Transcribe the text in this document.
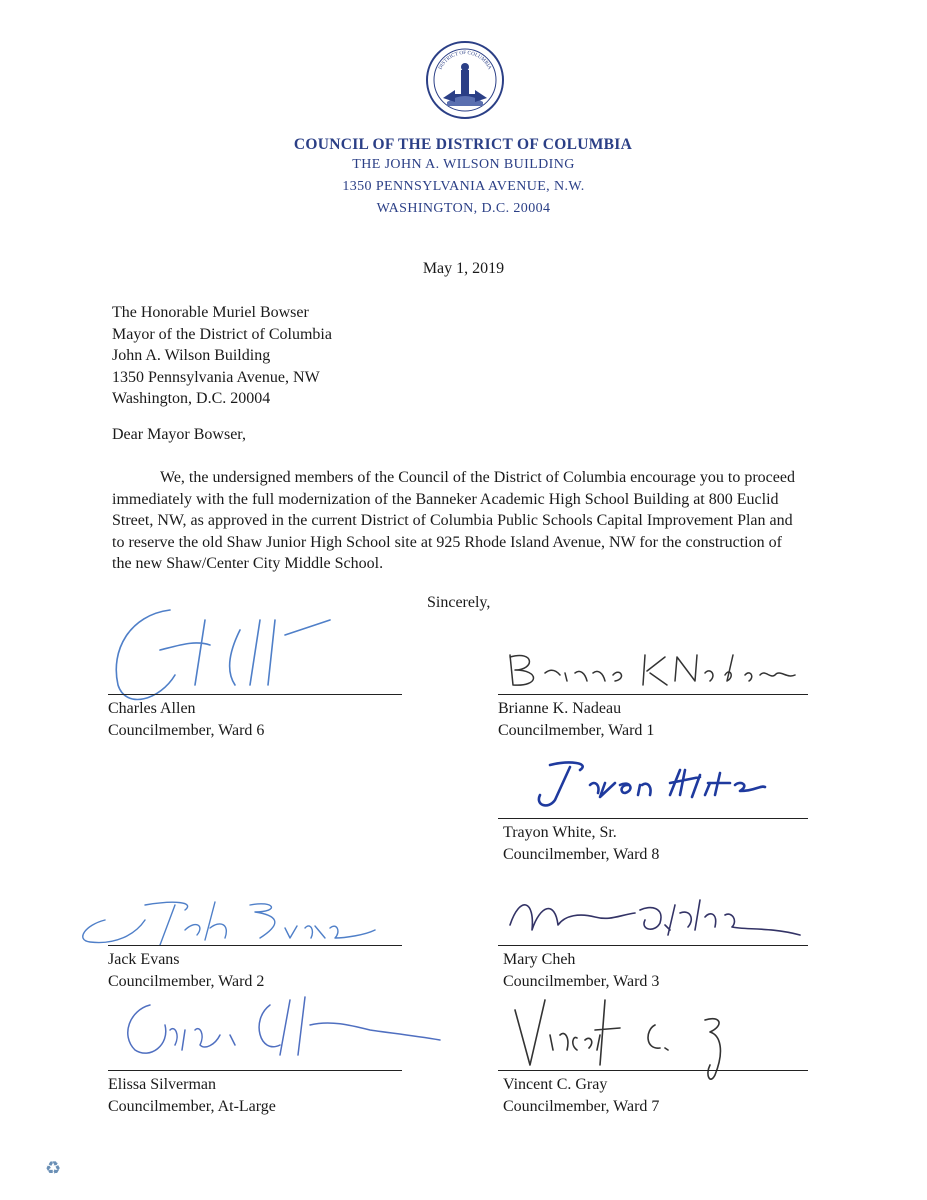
DISTRICT OF COLUMBIA
COUNCIL OF THE DISTRICT OF COLUMBIA
THE JOHN A. WILSON BUILDING
1350 PENNSYLVANIA AVENUE, N.W.
WASHINGTON, D.C. 20004
May 1, 2019
The Honorable Muriel Bowser
Mayor of the District of Columbia
John A. Wilson Building
1350 Pennsylvania Avenue, NW
Washington, D.C. 20004
Dear Mayor Bowser,
We, the undersigned members of the Council of the District of Columbia encourage you to proceed immediately with the full modernization of the Banneker Academic High School Building at 800 Euclid Street, NW, as approved in the current District of Columbia Public Schools Capital Improvement Plan and to reserve the old Shaw Junior High School site at 925 Rhode Island Avenue, NW for the construction of the new Shaw/Center City Middle School.
Sincerely,
Charles Allen
Councilmember, Ward 6
Brianne K. Nadeau
Councilmember, Ward 1
Trayon White, Sr.
Councilmember, Ward 8
Jack Evans
Councilmember, Ward 2
Mary Cheh
Councilmember, Ward 3
Elissa Silverman
Councilmember, At-Large
Vincent C. Gray
Councilmember, Ward 7
♻
